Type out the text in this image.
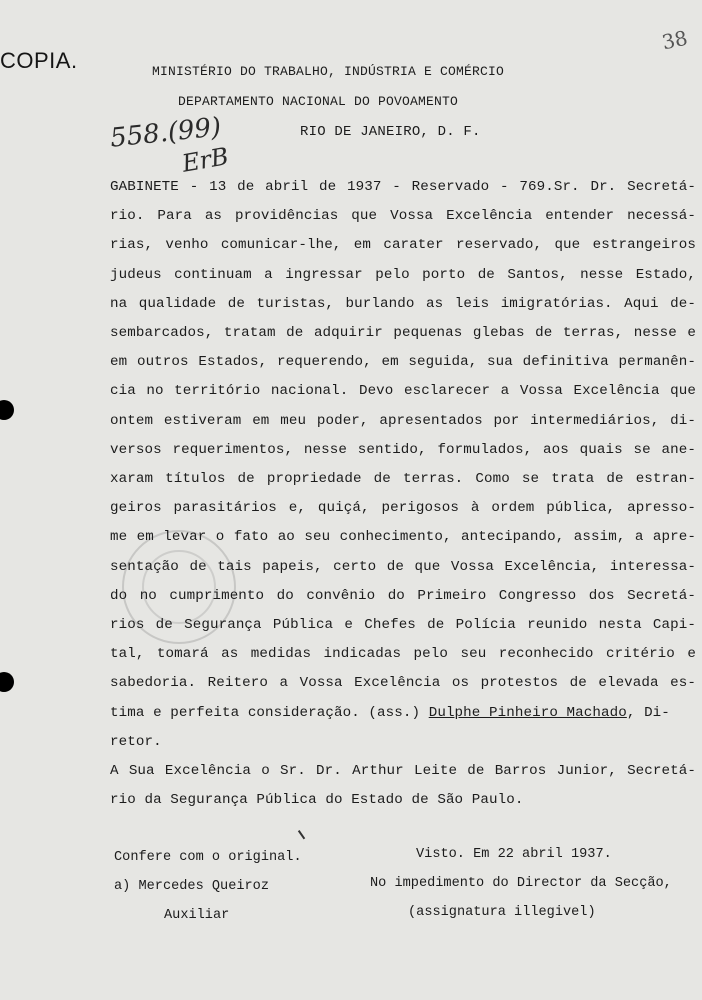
COPIA.
38
MINISTÉRIO DO TRABALHO, INDÚSTRIA E COMÉRCIO
DEPARTAMENTO NACIONAL DO POVOAMENTO
RIO DE JANEIRO, D. F.
558.(99)
ErB
GABINETE - 13 de abril de 1937 - Reservado - 769.Sr. Dr. Secretá-
rio. Para as providências que Vossa Excelência entender necessá-
rias, venho comunicar-lhe, em carater reservado, que estrangeiros
judeus continuam a ingressar pelo porto de Santos, nesse Estado,
na qualidade de turistas, burlando as leis imigratórias. Aqui de-
sembarcados, tratam de adquirir pequenas glebas de terras, nesse e
em outros Estados, requerendo, em seguida, sua definitiva permanên-
cia no território nacional. Devo esclarecer a Vossa Excelência que
ontem estiveram em meu poder, apresentados por intermediários, di-
versos requerimentos, nesse sentido, formulados, aos quais se ane-
xaram títulos de propriedade de terras. Como se trata de estran-
geiros parasitários e, quiçá, perigosos à ordem pública, apresso-
me em levar o fato ao seu conhecimento, antecipando, assim, a apre-
sentação de tais papeis, certo de que Vossa Excelência, interessa-
do no cumprimento do convênio do Primeiro Congresso dos Secretá-
rios de Segurança Pública e Chefes de Polícia reunido nesta Capi-
tal, tomará as medidas indicadas pelo seu reconhecido critério e
sabedoria. Reitero a Vossa Excelência os protestos de elevada es-
tima e perfeita consideração. (ass.) Dulphe Pinheiro Machado, Di-
retor.
A Sua Excelência o Sr. Dr. Arthur Leite de Barros Junior, Secretá-
rio da Segurança Pública do Estado de São Paulo.
Confere com o original.
a) Mercedes Queiroz
Auxiliar
Visto. Em 22 abril 1937.
No impedimento do Director da Secção,
(assignatura illegivel)
